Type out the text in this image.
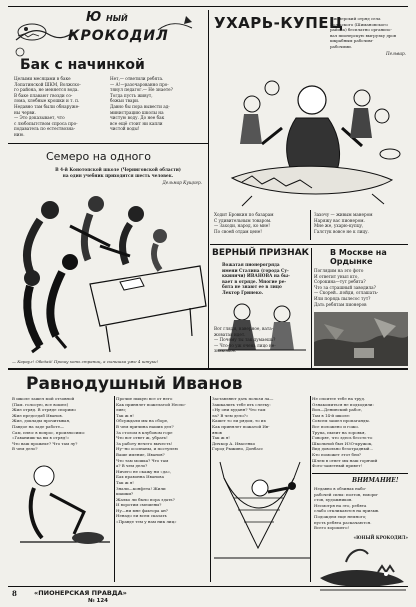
Ю НЫЙ
КРОКОДИЛ
Бак с начинкой
Целыми месяцами в баке
Лопатинской ШКМ, Волжско-
го района, не меняется вода.
В баке плавают гвозди со-
лома, хлебные крошки и т. п.
Недавно там были обнаруже-
ны черви.
— Это доказывает, что
с любопытством спроса про-
подаватель по естествозна-
нию.
Нет,— ответили ребята.
— А!—разочарованно про-
тянул педагог.— Не знаете?
Тогда пусть живут,
божьи твари.
Давно бы пора вывести ад-
министрацию школы на
чистую воду. До нее бак
все ещё стоит ни капли
чистой воды!
Семеро на одного
В 4-й Конотопской школе (Черниговской области)
на один учебник приходится шесть человек.
Дельмар Кущкер.
— Караул! Обедай! Прошу хоть страниц, а сынишка уже 4 штуки!
УХАРЬ-КУПЕЦ
Пионерский отряд села
Волжского (Шимановского
района) бесплатно организо-
вал пионерскую выгрузку дров
шкрабным рабочим-
рабочими.
Пельвар.
Ходит Бровкин по базарам
С удивительным товаром.
— Заходи, народ, ко мне!
По своей отдам цене!
Захочу — живым манером
Наряжу вас пионером.
Мне же, ухарю-купцу,
Галстук вовсе не к лицу.
ВЕРНЫЙ ПРИЗНАК
Вожатая пионерогряда
имени Сталина (города Су-
ккиничи) ИВАНОВА на бы-
вает в отряде. Многие ре-
бята не знают ее в лицо
Лектор Гринеко.
Вот гляди, наверное, вата-
жоватая идет.
— Почему ты так думаешь?
— Что-то уж очень лицо не-
знакомое.
В Москве на Ордынке
Поглядим на это фото
И ответит уныл кто,
Сорокина—тут ребята?
Что за страшный заводила?
— Скорей...пойди, оглашать-
Или порядь пылесос тут?
Дать ребятам пионеров
Равнодушный Иванов
В школе зашел мой отзовной
(Пам. голосую, все вошел)
Жил отряд. В отряде споримо
Жил председаб Иванов.
Жил, доклады прочитывая,
Павдое на заде работе—
Сам, плюс в вопрос, произносимо:
«Гаванишь-ка вы в отряд!»
Что ваш прожект? Что там лу?
В чем дело?
Прочие пыкую все от него
Как принялет пожелатой Неспо-
лию;
Так ж я!
Обсуждали мы на сборе,
В чем причина наших дел?
За столом в клубовом горе
Что вот ответ ж, убрать!
За работу нечего вычесть!
Ну--но осознаны, и поступлю
Ваше имение, Иванов?
Что там мошка? Что там
а? В чем дело?
Ничего не скажу ни «да»,
Бах правонна Иванова
Так ж я!
Знали—конфета! Жили
шашки?
Жалко ли было пора здать?
И воротим смешены?
Ну—ни мне фактора ан?
Ненадо ли всем сказать
«Правде тем у нам ник лиц»
Заставляют дать пользи ла—
Зашкалить тебе ить слегку:
«Ну они худанн? Что там
ла? В чем дело?»
Кашет то ли рядом, то их
Как принялет пожатой Ив-
янов
Так ж я!
Дпчкор А. Ивасенко
Город Рыжино, Донбасс
Не споитее тебе на труд.
Ознакомиться не подходили:
Воп—Денинский работ,
Там в 14-й школе:
Совсем зашел пропаганды.
Все положено и гожо.
Трупа, пылит на зоровья,
Говорят, что здесь бессть-то
Школьной был ИЗО-кружок,
Вид довольно безотрадный...
Кто поможет этот беи?
Шлем в ответ мы наш горячий
Фото-заметный привет!
ВНИМАНИЕ!
Недавно в обзинах набо-
рабочей силы: поэтов, юмори-
стов, художников.
Несмотря на это, ребята
слабо откликаются на призыв.
Подождем еще немного;
пусть ребята раскачаются.
Всего хорошего!
«ЮНЫЙ КРОКОДИЛ»
8	«ПИОНЕРСКАЯ ПРАВДА»
№ 124
